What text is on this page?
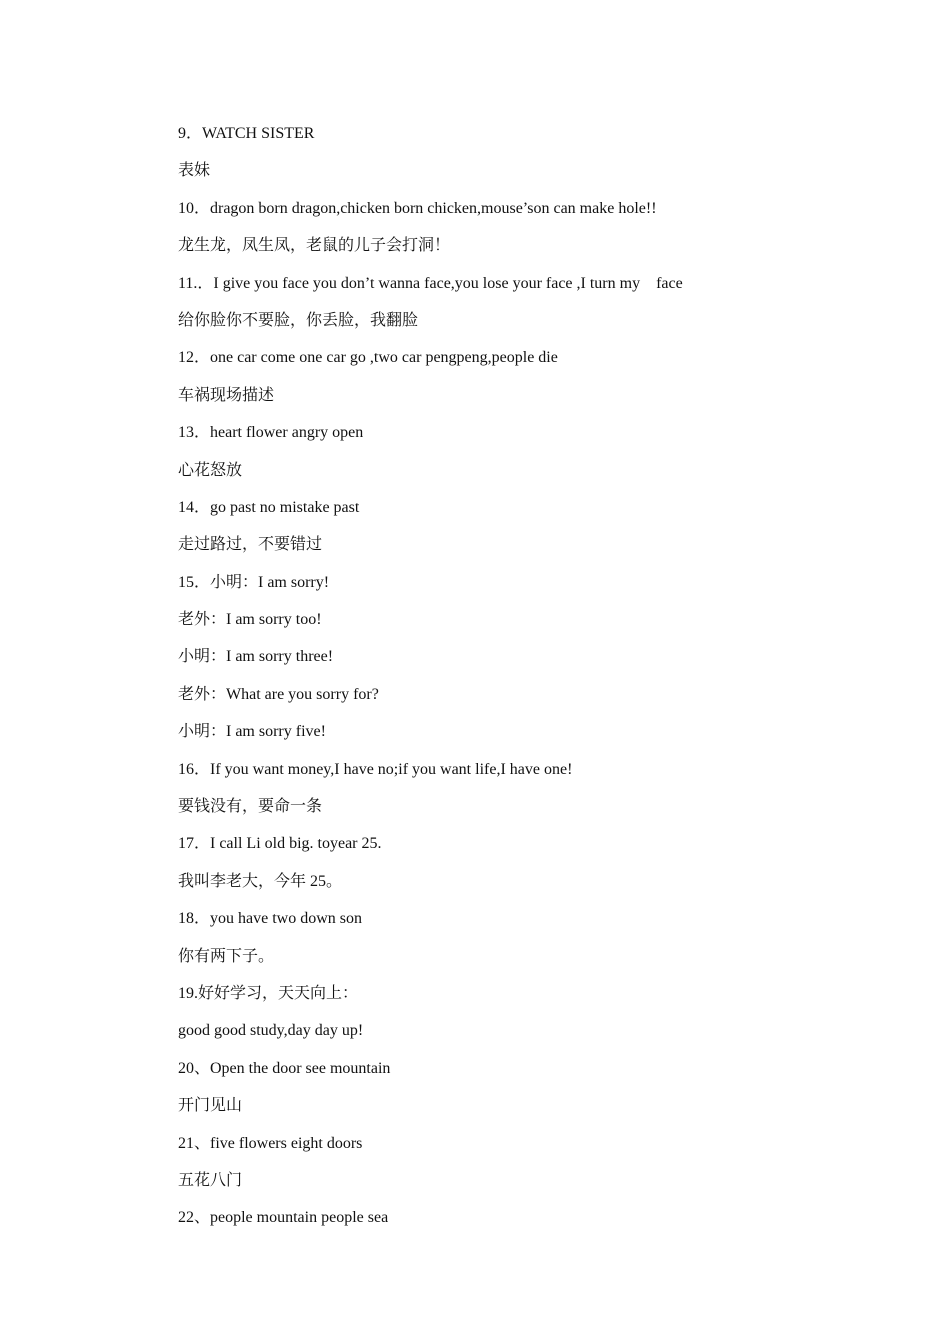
9．WATCH SISTER

表妹

10．dragon born dragon,chicken born chicken,mouse’son can make hole!!

龙生龙，凤生凤，老鼠的儿子会打洞！

11.．I give you face you don’t wanna face,you lose your face ,I turn my    face

给你脸你不要脸，你丢脸，我翻脸

12．one car come one car go ,two car pengpeng,people die

车祸现场描述

13．heart flower angry open

心花怒放

14．go past no mistake past

走过路过，不要错过

15．小明：I am sorry!

老外：I am sorry too!

小明：I am sorry three!

老外：What are you sorry for?

小明：I am sorry five!

16．If you want money,I have no;if you want life,I have one!

要钱没有，要命一条

17．I call Li old big. toyear 25.

我叫李老大，今年 25。

18．you have two down son

你有两下子。

19.好好学习，天天向上：

good good study,day day up!

20、Open the door see mountain

开门见山

21、five flowers eight doors

五花八门

22、people mountain people sea
